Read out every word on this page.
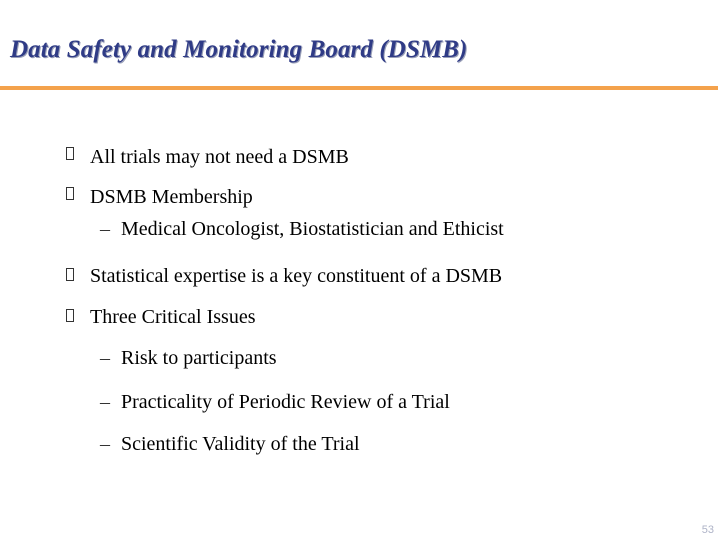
Data Safety and Monitoring Board (DSMB)
All trials may not need a DSMB
DSMB Membership
– Medical Oncologist, Biostatistician and Ethicist
Statistical expertise is a key constituent of a DSMB
Three Critical Issues
– Risk to participants
– Practicality of Periodic Review of a Trial
– Scientific Validity of the Trial
53
